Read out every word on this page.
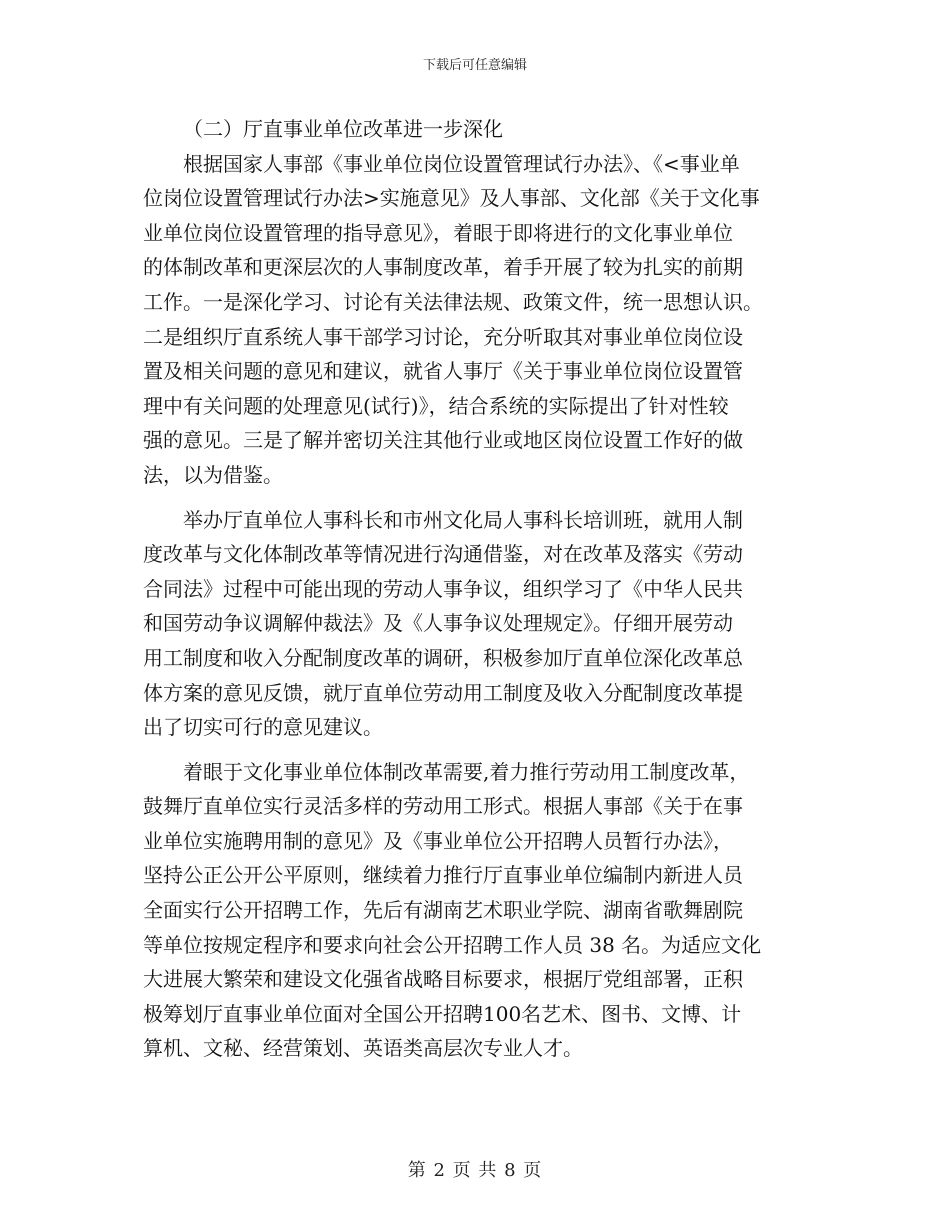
下载后可任意编辑
（二）厅直事业单位改革进一步深化
　　根据国家人事部《事业单位岗位设置管理试行办法》、《<事业单
位岗位设置管理试行办法>实施意见》及人事部、文化部《关于文化事
业单位岗位设置管理的指导意见》，着眼于即将进行的文化事业单位
的体制改革和更深层次的人事制度改革，着手开展了较为扎实的前期
工作。一是深化学习、讨论有关法律法规、政策文件，统一思想认识。
二是组织厅直系统人事干部学习讨论，充分听取其对事业单位岗位设
置及相关问题的意见和建议，就省人事厅《关于事业单位岗位设置管
理中有关问题的处理意见(试行)》，结合系统的实际提出了针对性较
强的意见。三是了解并密切关注其他行业或地区岗位设置工作好的做
法，以为借鉴。
　　举办厅直单位人事科长和市州文化局人事科长培训班，就用人制
度改革与文化体制改革等情况进行沟通借鉴，对在改革及落实《劳动
合同法》过程中可能出现的劳动人事争议，组织学习了《中华人民共
和国劳动争议调解仲裁法》及《人事争议处理规定》。仔细开展劳动
用工制度和收入分配制度改革的调研，积极参加厅直单位深化改革总
体方案的意见反馈，就厅直单位劳动用工制度及收入分配制度改革提
出了切实可行的意见建议。
　　着眼于文化事业单位体制改革需要,着力推行劳动用工制度改革，
鼓舞厅直单位实行灵活多样的劳动用工形式。根据人事部《关于在事
业单位实施聘用制的意见》及《事业单位公开招聘人员暂行办法》，
坚持公正公开公平原则，继续着力推行厅直事业单位编制内新进人员
全面实行公开招聘工作，先后有湖南艺术职业学院、湖南省歌舞剧院
等单位按规定程序和要求向社会公开招聘工作人员 38 名。为适应文化
大进展大繁荣和建设文化强省战略目标要求，根据厅党组部署，正积
极筹划厅直事业单位面对全国公开招聘100名艺术、图书、文博、计
算机、文秘、经营策划、英语类高层次专业人才。
第 2 页 共 8 页
